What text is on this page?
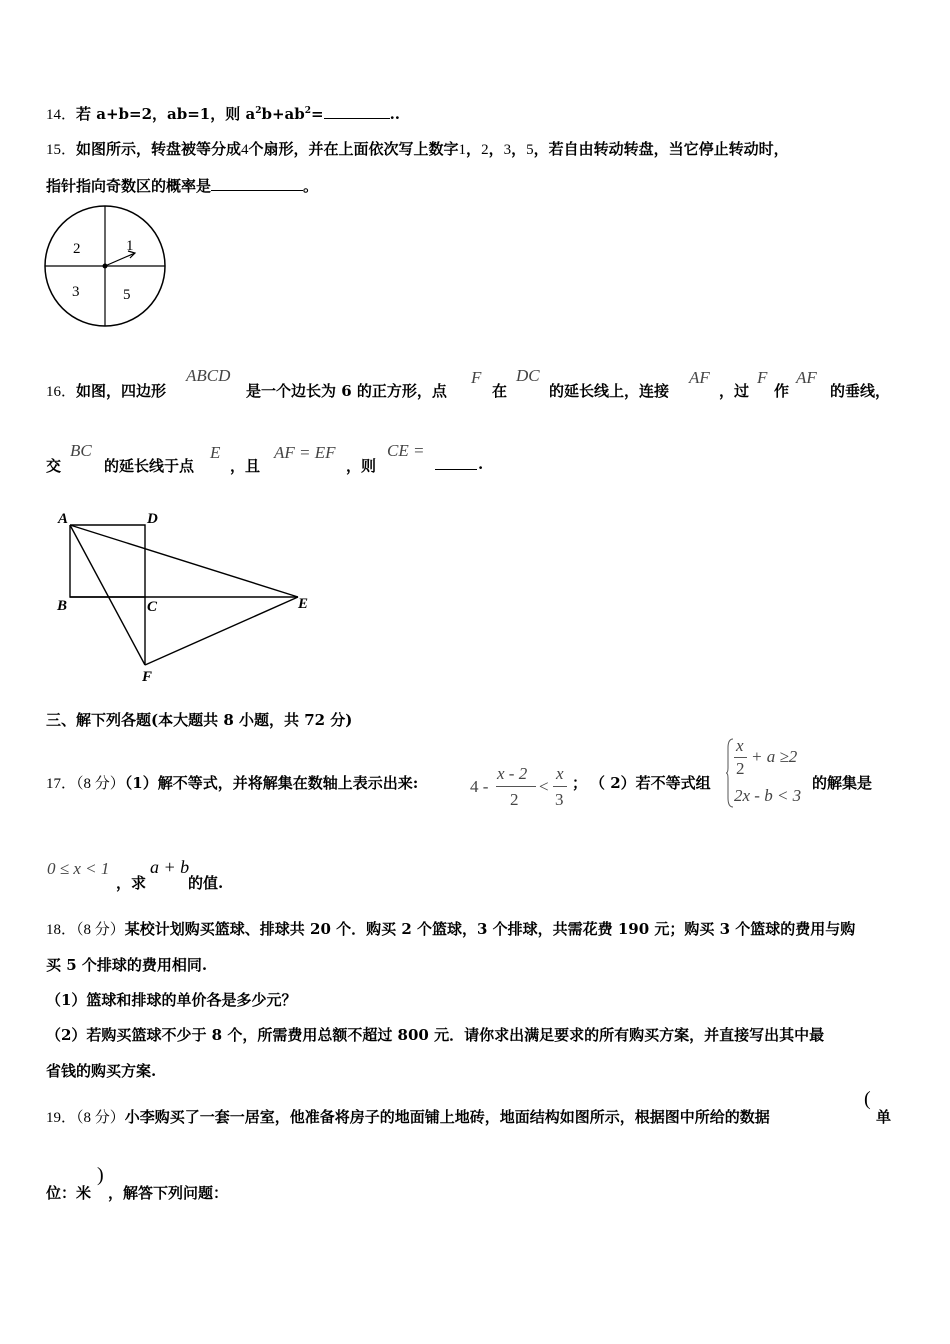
14．若 a+b=2，ab=1，则 $a^2b+ab^2=$	..
15．如图所示，转盘被等分成4个扇形，并在上面依次写上数字1，2，3，5，若自由转动转盘，当它停止转动时，
指针指向奇数区的概率是	。
2	1
3	5
16．如图，四边形
ABCD
是一个边长为 6 的正方形，点
F
在
DC
的延长线上，连接
AF
，过
F
作
AF
的垂线，
交
BC
的延长线于点
E
，且
AF = EF
，则
CE =
.
A	D
B	C	E
F
三、解下列各题(本大题共 8 小题，共 72 分)
17．（8 分）（1）解不等式，并将解集在数轴上表示出来:	4 -
x - 2
2
<
x
3
； （ 2）若不等式组
x
2
+ a ≥2
2x - b < 3
的解集是
0 ≤ x < 1
，求
a + b
的值.
18．（8 分）某校计划购买篮球、排球共 20 个．购买 2 个篮球，3 个排球，共需花费 190 元；购买 3 个篮球的费用与购
买 5 个排球的费用相同.
（1）篮球和排球的单价各是多少元？
（2）若购买篮球不少于 8 个，所需费用总额不超过 800 元．请你求出满足要求的所有购买方案，并直接写出其中最
省钱的购买方案.
19．（8 分）小李购买了一套一居室，他准备将房子的地面铺上地砖，地面结构如图所示，根据图中所给的数据
(
单
位：米
)
，解答下列问题：
